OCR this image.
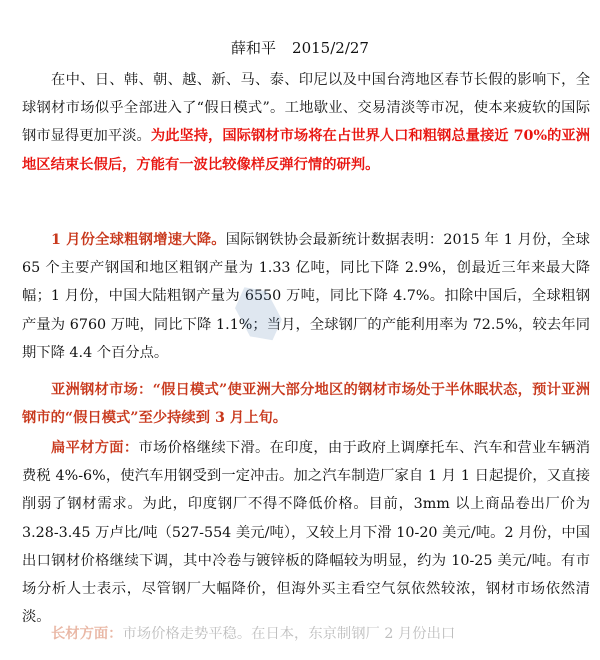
薛和平 2015/2/27

在中、日、韩、朝、越、新、马、泰、印尼以及中国台湾地区春节长假的影响下，全球钢材市场似乎全部进入了“假日模式”。工地歇业、交易清淡等市况，使本来疲软的国际钢市显得更加平淡。为此坚持，国际钢材市场将在占世界人口和粗钢总量接近 70%的亚洲地区结束长假后，方能有一波比较像样反弹行情的研判。

1 月份全球粗钢增速大降。国际钢铁协会最新统计数据表明：2015 年 1 月份，全球 65 个主要产钢国和地区粗钢产量为 1.33 亿吨，同比下降 2.9%，创最近三年来最大降幅；1 月份，中国大陆粗钢产量为 6550 万吨，同比下降 4.7%。扣除中国后，全球粗钢产量为 6760 万吨，同比下降 1.1%；当月，全球钢厂的产能利用率为 72.5%，较去年同期下降 4.4 个百分点。

亚洲钢材市场：“假日模式”使亚洲大部分地区的钢材市场处于半休眠状态，预计亚洲钢市的“假日模式”至少持续到 3 月上旬。

扁平材方面：市场价格继续下滑。在印度，由于政府上调摩托车、汽车和营业车辆消费税 4%-6%，使汽车用钢受到一定冲击。加之汽车制造厂家自 1 月 1 日起提价，又直接削弱了钢材需求。为此，印度钢厂不得不降低价格。目前，3mm 以上商品卷出厂价为 3.28-3.45 万卢比/吨（527-554 美元/吨），又较上月下滑 10-20 美元/吨。2 月份，中国出口钢材价格继续下调，其中冷卷与镀锌板的降幅较为明显，约为 10-25 美元/吨。有市场分析人士表示，尽管钢厂大幅降价，但海外买主看空气氛依然较浓，钢材市场依然清淡。

长材方面：市场价格走势平稳。在日本，东京制钢厂 2 月份出口
